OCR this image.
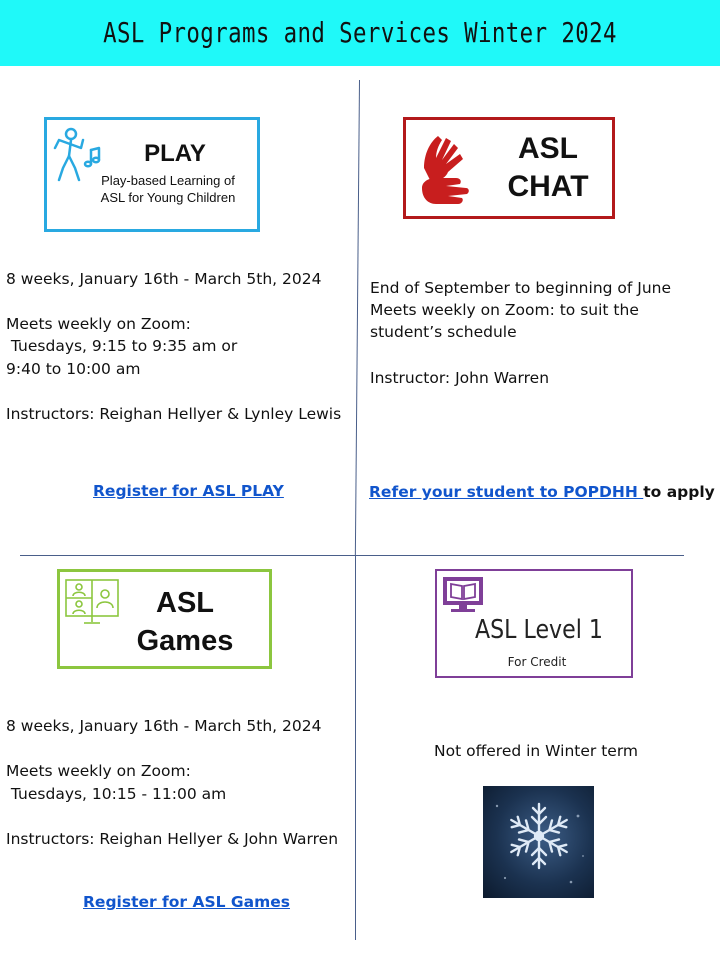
ASL Programs and Services Winter 2024
PLAY
Play-based Learning of
ASL for Young Children
8 weeks, January 16th - March 5th, 2024
Meets weekly on Zoom:
Tuesdays, 9:15 to 9:35 am or
9:40 to 10:00 am
Instructors: Reighan Hellyer & Lynley Lewis
Register for ASL PLAY
ASL
CHAT
End of September to beginning of June
Meets weekly on Zoom: to suit the
student’s schedule
Instructor: John Warren
Refer your student to POPDHH to apply
ASL
Games
8 weeks, January 16th - March 5th, 2024
Meets weekly on Zoom:
Tuesdays, 10:15 - 11:00 am
Instructors: Reighan Hellyer & John Warren
Register for ASL Games
ASL Level 1
For Credit
Not offered in Winter term
